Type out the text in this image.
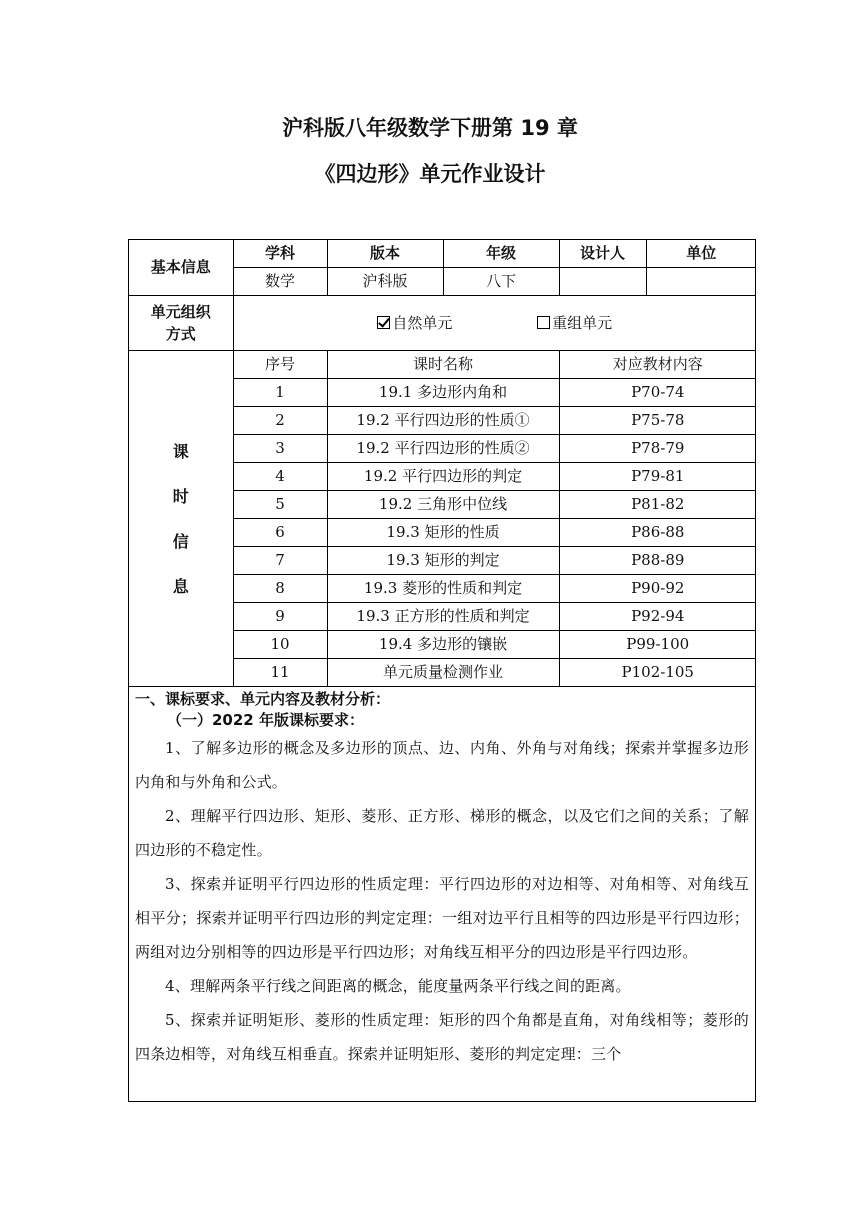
沪科版八年级数学下册第 19 章
《四边形》单元作业设计
基本信息	学科	版本	年级	设计人	单位
	数学	沪科版	八下		

单元组织方式	自然单元 重组单元				

课
时
信
息	序号	课时名称		对应教材内容	
	1	19.1 多边形内角和		P70-74	
	2	19.2 平行四边形的性质①		P75-78	
	3	19.2 平行四边形的性质②		P78-79	
	4	19.2 平行四边形的判定		P79-81	
	5	19.2 三角形中位线		P81-82	
	6	19.3 矩形的性质		P86-88	
	7	19.3 矩形的判定		P88-89	
	8	19.3 菱形的性质和判定		P90-92	
	9	19.3 正方形的性质和判定		P92-94	
	10	19.4 多边形的镶嵌		P99-100	
	11	单元质量检测作业		P102-105	
一、课标要求、单元内容及教材分析：
（一）2022 年版课标要求：

1、了解多边形的概念及多边形的顶点、边、内角、外角与对角线；探索并掌握多边形内角和与外角和公式。

2、理解平行四边形、矩形、菱形、正方形、梯形的概念，以及它们之间的关系；了解四边形的不稳定性。

3、探索并证明平行四边形的性质定理：平行四边形的对边相等、对角相等、对角线互相平分；探索并证明平行四边形的判定定理：一组对边平行且相等的四边形是平行四边形；两组对边分别相等的四边形是平行四边形；对角线互相平分的四边形是平行四边形。

4、理解两条平行线之间距离的概念，能度量两条平行线之间的距离。

5、探索并证明矩形、菱形的性质定理：矩形的四个角都是直角，对角线相等；菱形的四条边相等，对角线互相垂直。探索并证明矩形、菱形的判定定理：三个
